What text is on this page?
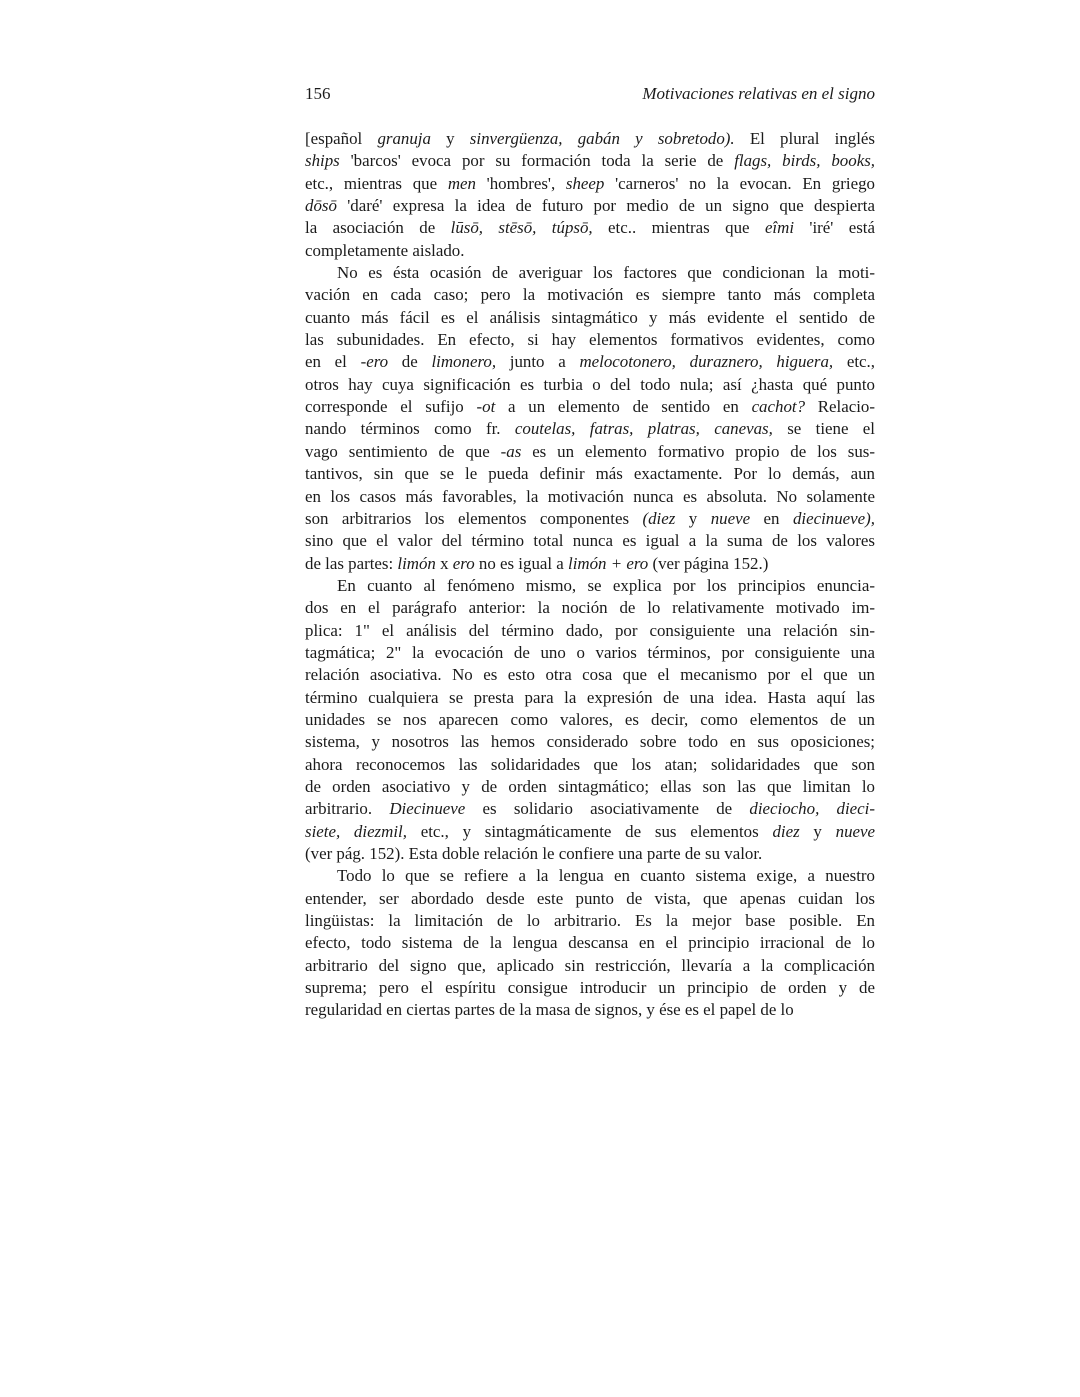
156	Motivaciones relativas en el signo
[español granuja y sinvergüenza, gabán y sobretodo). El plural inglés
ships 'barcos' evoca por su formación toda la serie de flags, birds, books,
etc., mientras que men 'hombres', sheep 'carneros' no la evocan. En griego
dōsō 'daré' expresa la idea de futuro por medio de un signo que despierta
la asociación de lūsō, stēsō, túpsō, etc.. mientras que eîmi 'iré' está
completamente aislado.
No es ésta ocasión de averiguar los factores que condicionan la moti-
vación en cada caso; pero la motivación es siempre tanto más completa
cuanto más fácil es el análisis sintagmático y más evidente el sentido de
las subunidades. En efecto, si hay elementos formativos evidentes, como
en el -ero de limonero, junto a melocotonero, duraznero, higuera, etc.,
otros hay cuya significación es turbia o del todo nula; así ¿hasta qué punto
corresponde el sufijo -ot a un elemento de sentido en cachot? Relacio-
nando términos como fr. coutelas, fatras, platras, canevas, se tiene el
vago sentimiento de que -as es un elemento formativo propio de los sus-
tantivos, sin que se le pueda definir más exactamente. Por lo demás, aun
en los casos más favorables, la motivación nunca es absoluta. No solamente
son arbitrarios los elementos componentes (diez y nueve en diecinueve),
sino que el valor del término total nunca es igual a la suma de los valores
de las partes: limón x ero no es igual a limón + ero (ver página 152.)
En cuanto al fenómeno mismo, se explica por los principios enuncia-
dos en el parágrafo anterior: la noción de lo relativamente motivado im-
plica: 1" el análisis del término dado, por consiguiente una relación sin-
tagmática; 2" la evocación de uno o varios términos, por consiguiente una
relación asociativa. No es esto otra cosa que el mecanismo por el que un
término cualquiera se presta para la expresión de una idea. Hasta aquí las
unidades se nos aparecen como valores, es decir, como elementos de un
sistema, y nosotros las hemos considerado sobre todo en sus oposiciones;
ahora reconocemos las solidaridades que los atan; solidaridades que son
de orden asociativo y de orden sintagmático; ellas son las que limitan lo
arbitrario. Diecinueve es solidario asociativamente de dieciocho, dieci-
siete, diezmil, etc., y sintagmáticamente de sus elementos diez y nueve
(ver pág. 152). Esta doble relación le confiere una parte de su valor.
Todo lo que se refiere a la lengua en cuanto sistema exige, a nuestro
entender, ser abordado desde este punto de vista, que apenas cuidan los
lingüistas: la limitación de lo arbitrario. Es la mejor base posible. En
efecto, todo sistema de la lengua descansa en el principio irracional de lo
arbitrario del signo que, aplicado sin restricción, llevaría a la complicación
suprema; pero el espíritu consigue introducir un principio de orden y de
regularidad en ciertas partes de la masa de signos, y ése es el papel de lo
